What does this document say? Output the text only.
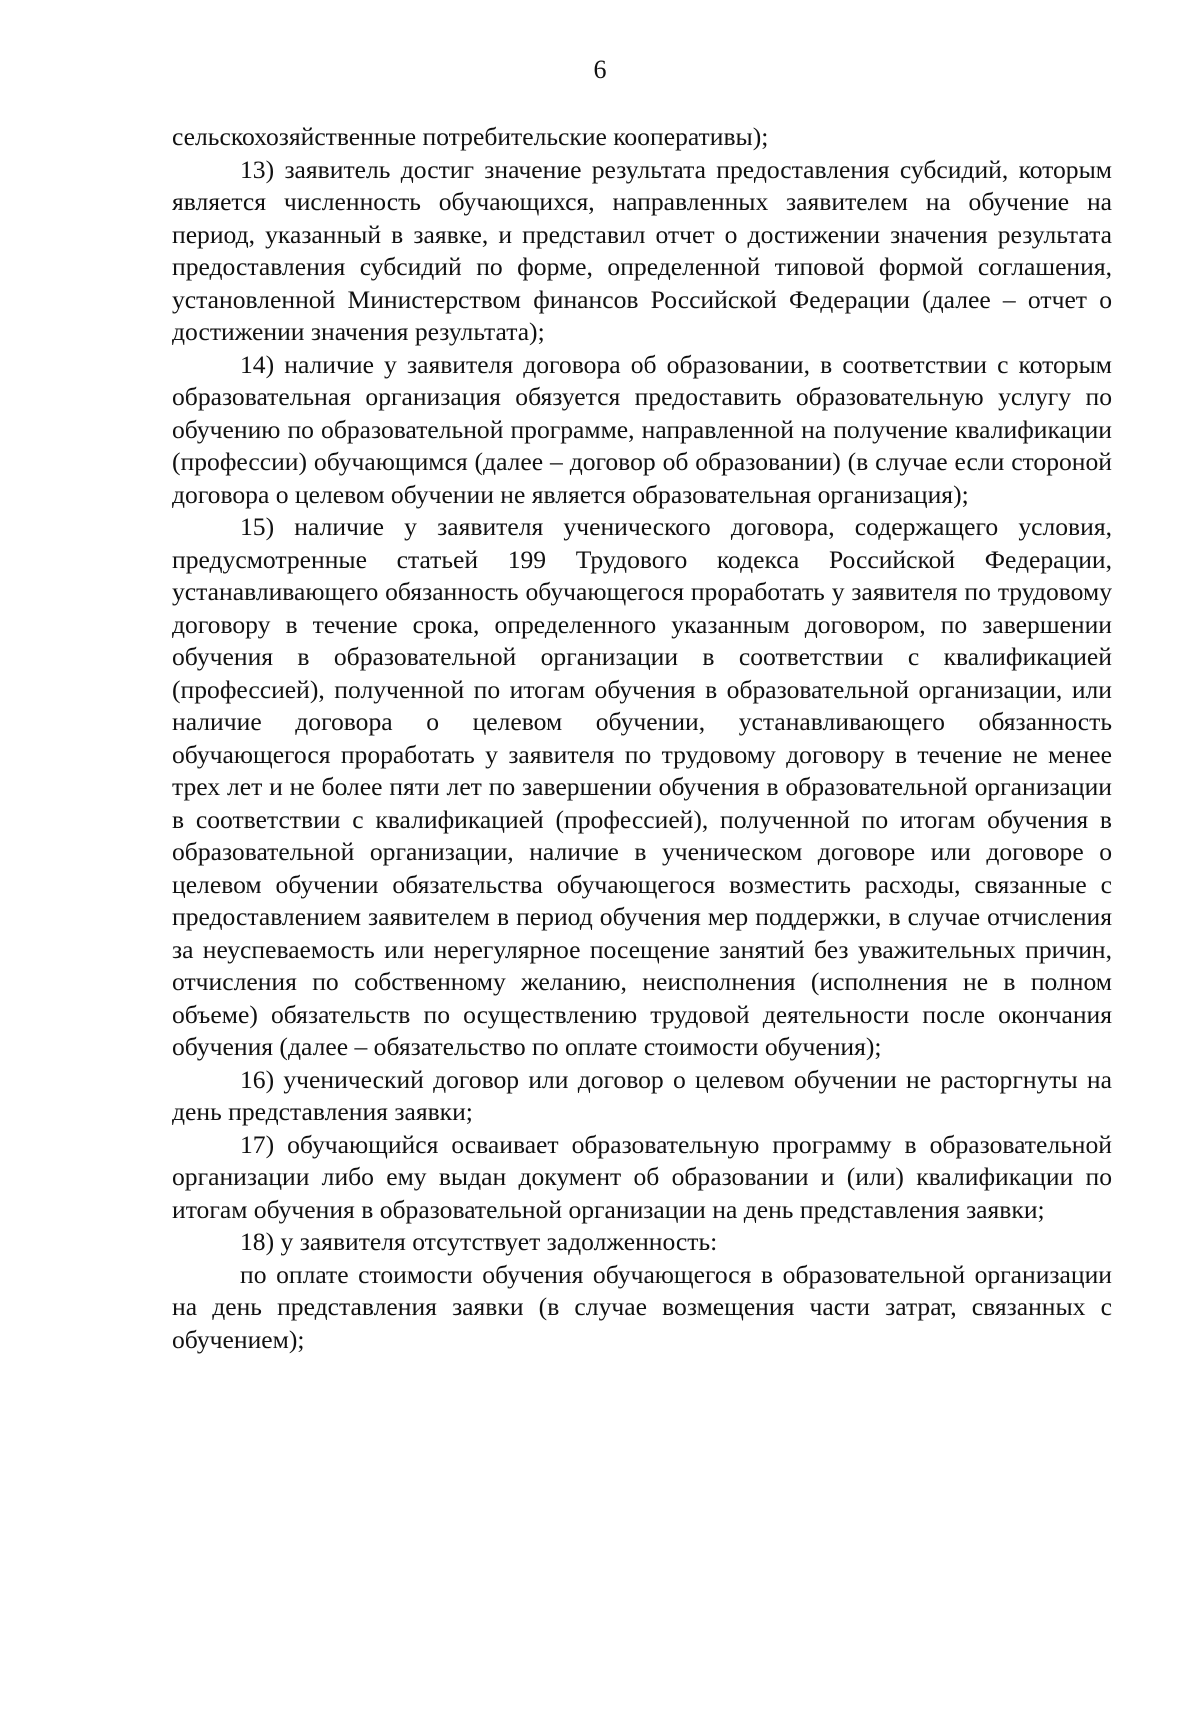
6

сельскохозяйственные потребительские кооперативы);

13) заявитель достиг значение результата предоставления субсидий, которым является численность обучающихся, направленных заявителем на обучение на период, указанный в заявке, и представил отчет о достижении значения результата предоставления субсидий по форме, определенной типовой формой соглашения, установленной Министерством финансов Российской Федерации (далее – отчет о достижении значения результата);

14) наличие у заявителя договора об образовании, в соответствии с которым образовательная организация обязуется предоставить образовательную услугу по обучению по образовательной программе, направленной на получение квалификации (профессии) обучающимся (далее – договор об образовании) (в случае если стороной договора о целевом обучении не является образовательная организация);

15) наличие у заявителя ученического договора, содержащего условия, предусмотренные статьей 199 Трудового кодекса Российской Федерации, устанавливающего обязанность обучающегося проработать у заявителя по трудовому договору в течение срока, определенного указанным договором, по завершении обучения в образовательной организации в соответствии с квалификацией (профессией), полученной по итогам обучения в образовательной организации, или наличие договора о целевом обучении, устанавливающего обязанность обучающегося проработать у заявителя по трудовому договору в течение не менее трех лет и не более пяти лет по завершении обучения в образовательной организации в соответствии с квалификацией (профессией), полученной по итогам обучения в образовательной организации, наличие в ученическом договоре или договоре о целевом обучении обязательства обучающегося возместить расходы, связанные с предоставлением заявителем в период обучения мер поддержки, в случае отчисления за неуспеваемость или нерегулярное посещение занятий без уважительных причин, отчисления по собственному желанию, неисполнения (исполнения не в полном объеме) обязательств по осуществлению трудовой деятельности после окончания обучения (далее – обязательство по оплате стоимости обучения);

16) ученический договор или договор о целевом обучении не расторгнуты на день представления заявки;

17) обучающийся осваивает образовательную программу в образовательной организации либо ему выдан документ об образовании и (или) квалификации по итогам обучения в образовательной организации на день представления заявки;

18) у заявителя отсутствует задолженность:

по оплате стоимости обучения обучающегося в образовательной организации на день представления заявки (в случае возмещения части затрат, связанных с обучением);
